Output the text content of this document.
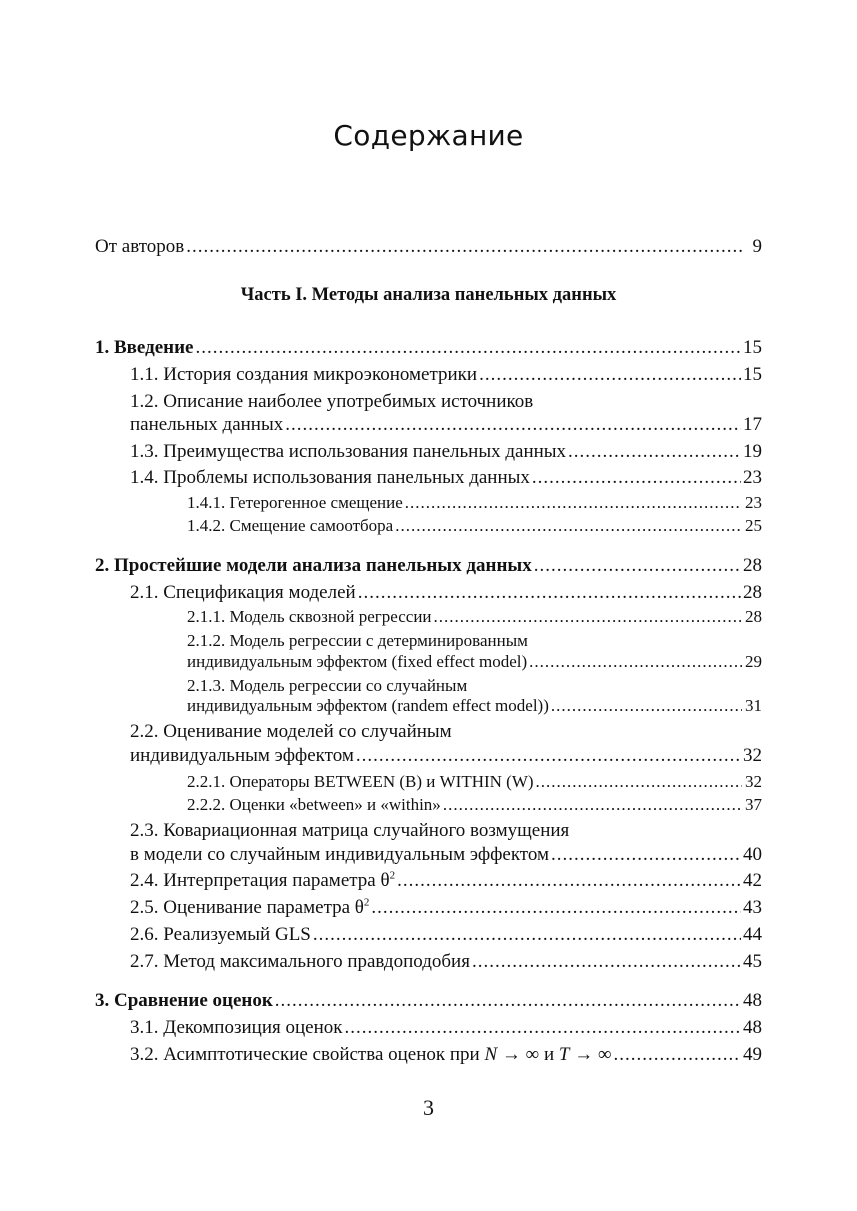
Содержание
От авторов .....	9
Часть I. Методы анализа панельных данных
1. Введение .....	15
1.1. История создания микроэконометрики .....	15
1.2. Описание наиболее употребимых источников
панельных данных .....	17
1.3. Преимущества использования панельных данных .....	19
1.4. Проблемы использования панельных данных .....	23
1.4.1. Гетерогенное смещение .....	23
1.4.2. Смещение самоотбора .....	25
2. Простейшие модели анализа панельных данных .....	28
2.1. Спецификация моделей .....	28
2.1.1. Модель сквозной регрессии .....	28
2.1.2. Модель регрессии с детерминированным
индивидуальным эффектом (fixed effect model) .....	29
2.1.3. Модель регрессии со случайным
индивидуальным эффектом (randem effect model)) .....	31
2.2. Оценивание моделей со случайным
индивидуальным эффектом .....	32
2.2.1. Операторы BETWEEN (B) и WITHIN (W) .....	32
2.2.2. Оценки «between» и «within» .....	37
2.3. Ковариационная матрица случайного возмущения
в модели со случайным индивидуальным эффектом .....	40
2.4. Интерпретация параметра $\theta^2$ .....	42
2.5. Оценивание параметра $\theta^2$ .....	43
2.6. Реализуемый GLS .....	44
2.7. Метод максимального правдоподобия .....	45
3. Сравнение оценок .....	48
3.1. Декомпозиция оценок .....	48
3.2. Асимптотические свойства оценок при N → ∞ и T → ∞ .....	49
3
